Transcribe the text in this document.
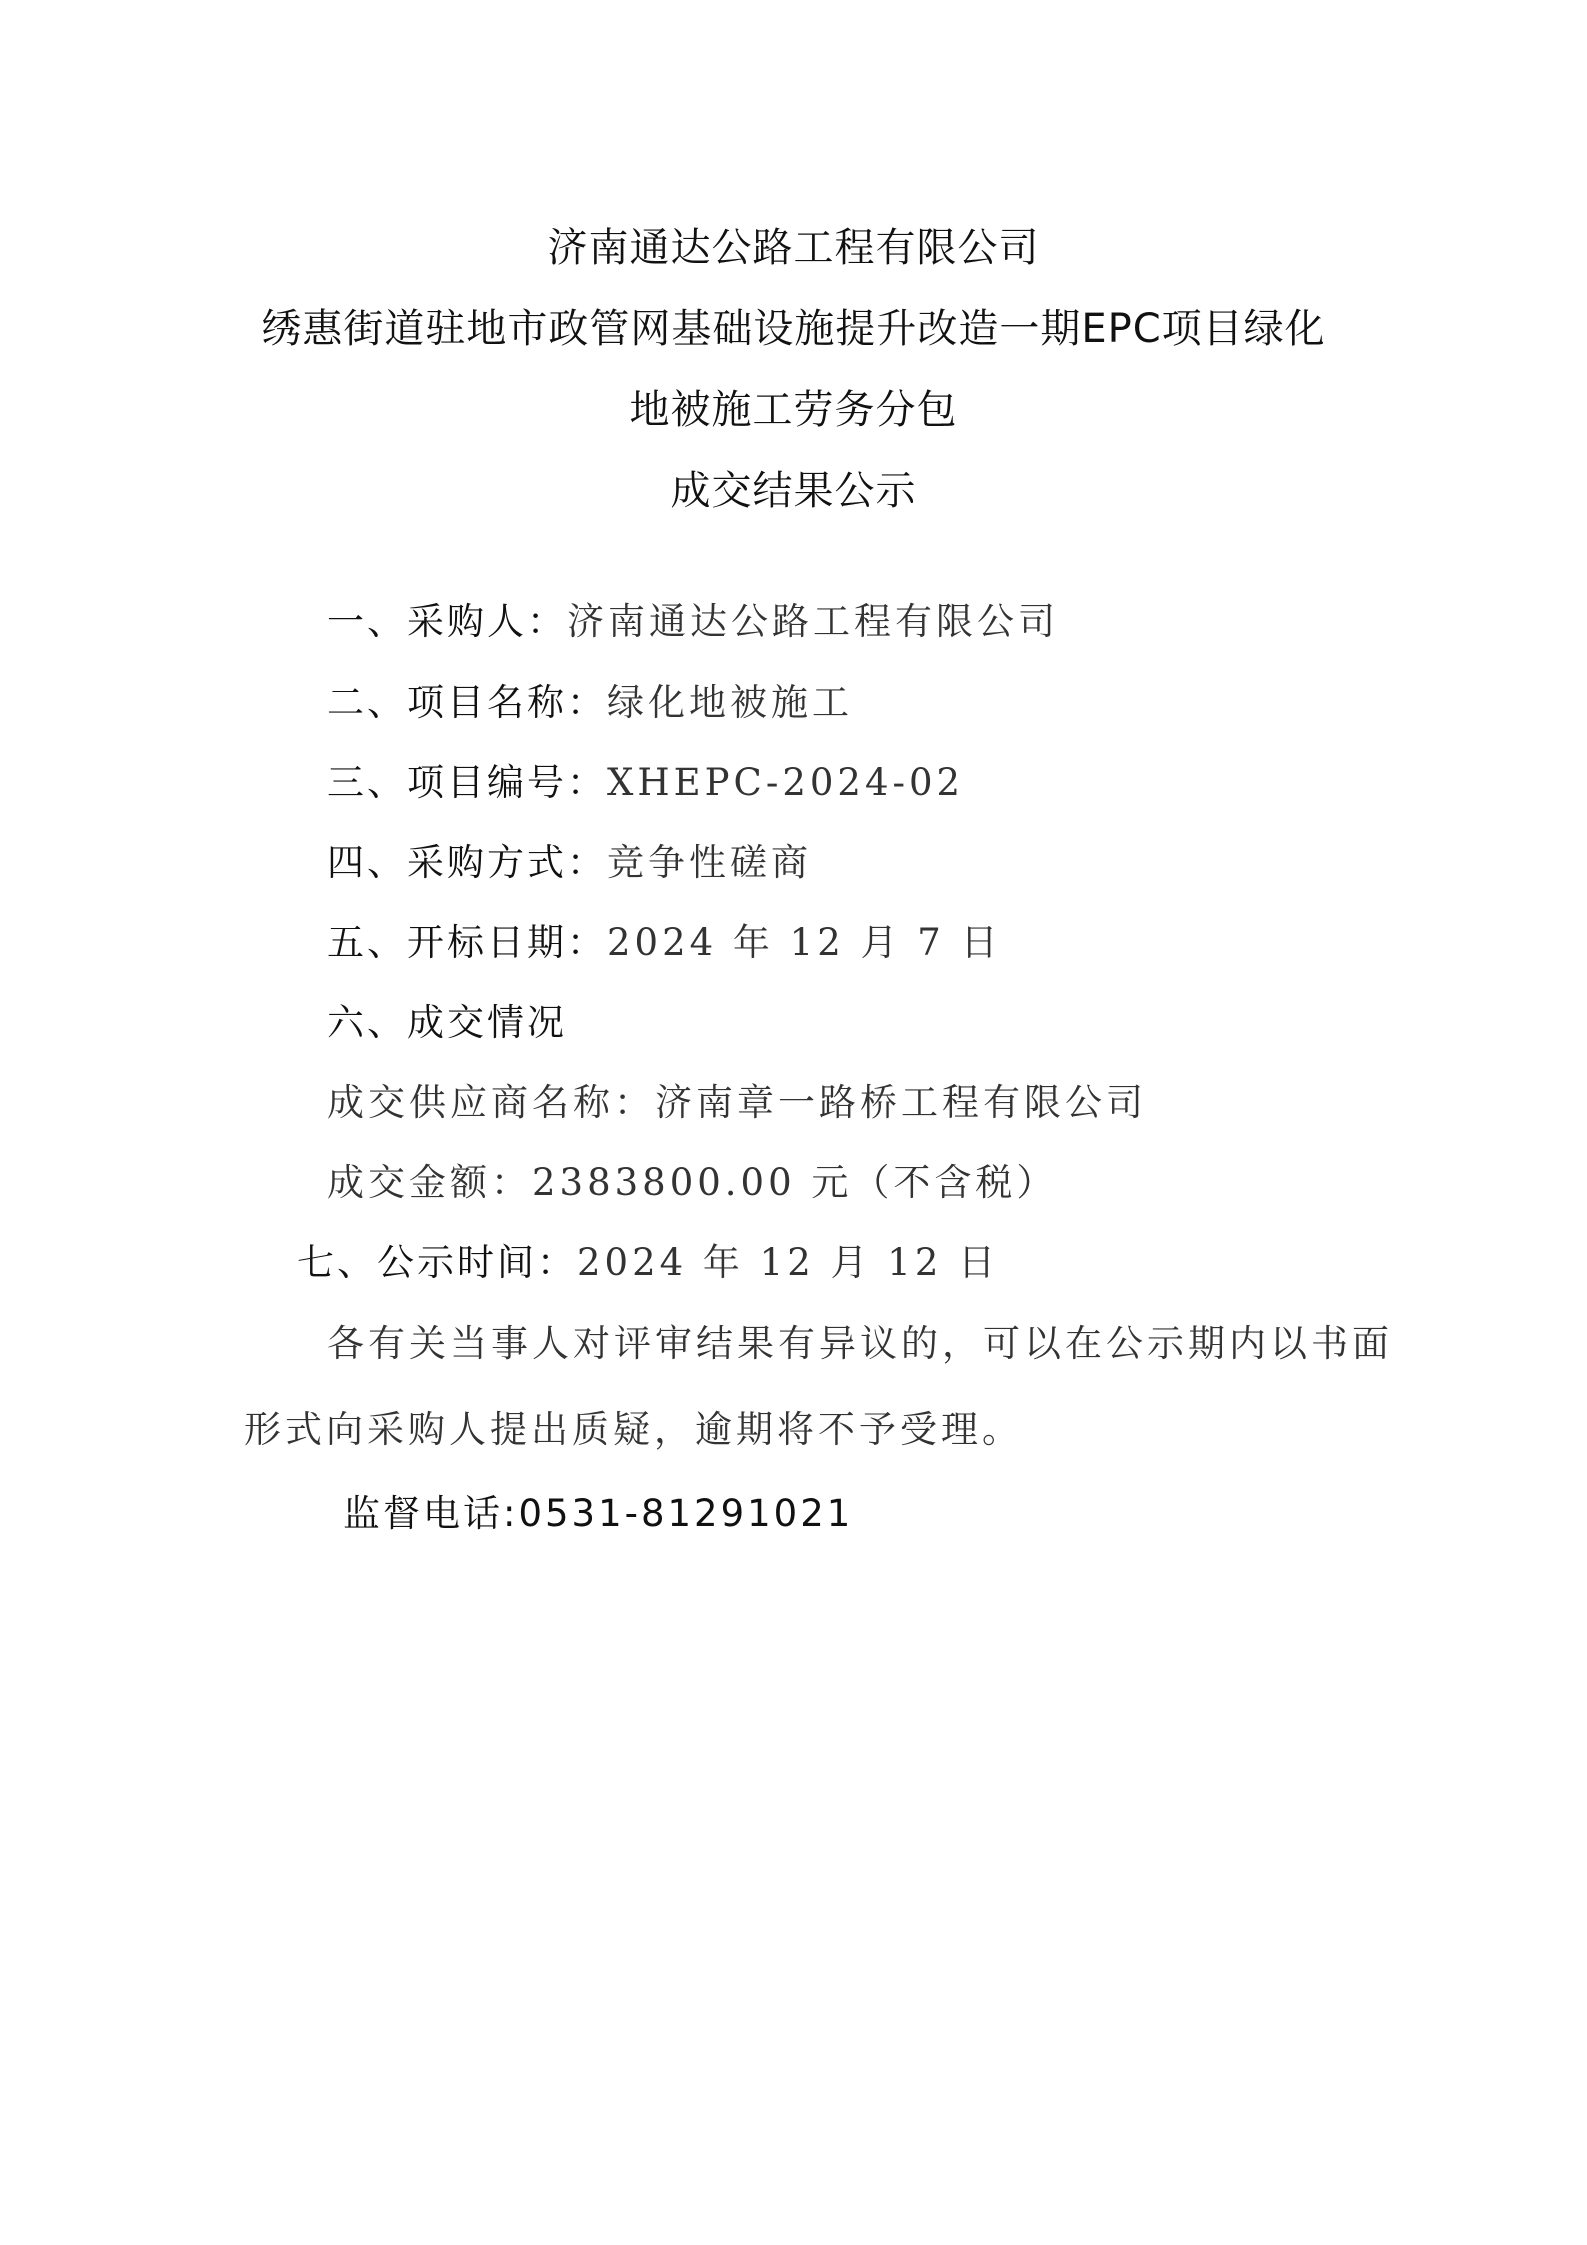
济南通达公路工程有限公司
绣惠街道驻地市政管网基础设施提升改造一期EPC项目绿化
地被施工劳务分包
成交结果公示
一、采购人：济南通达公路工程有限公司
二、项目名称：绿化地被施工
三、项目编号：XHEPC-2024-02
四、采购方式：竞争性磋商
五、开标日期：2024 年 12 月 7 日
六、成交情况
成交供应商名称：济南章一路桥工程有限公司
成交金额：2383800.00 元（不含税）
七、公示时间：2024 年 12 月 12 日
各有关当事人对评审结果有异议的，可以在公示期内以书面
形式向采购人提出质疑，逾期将不予受理。
监督电话:0531-81291021
